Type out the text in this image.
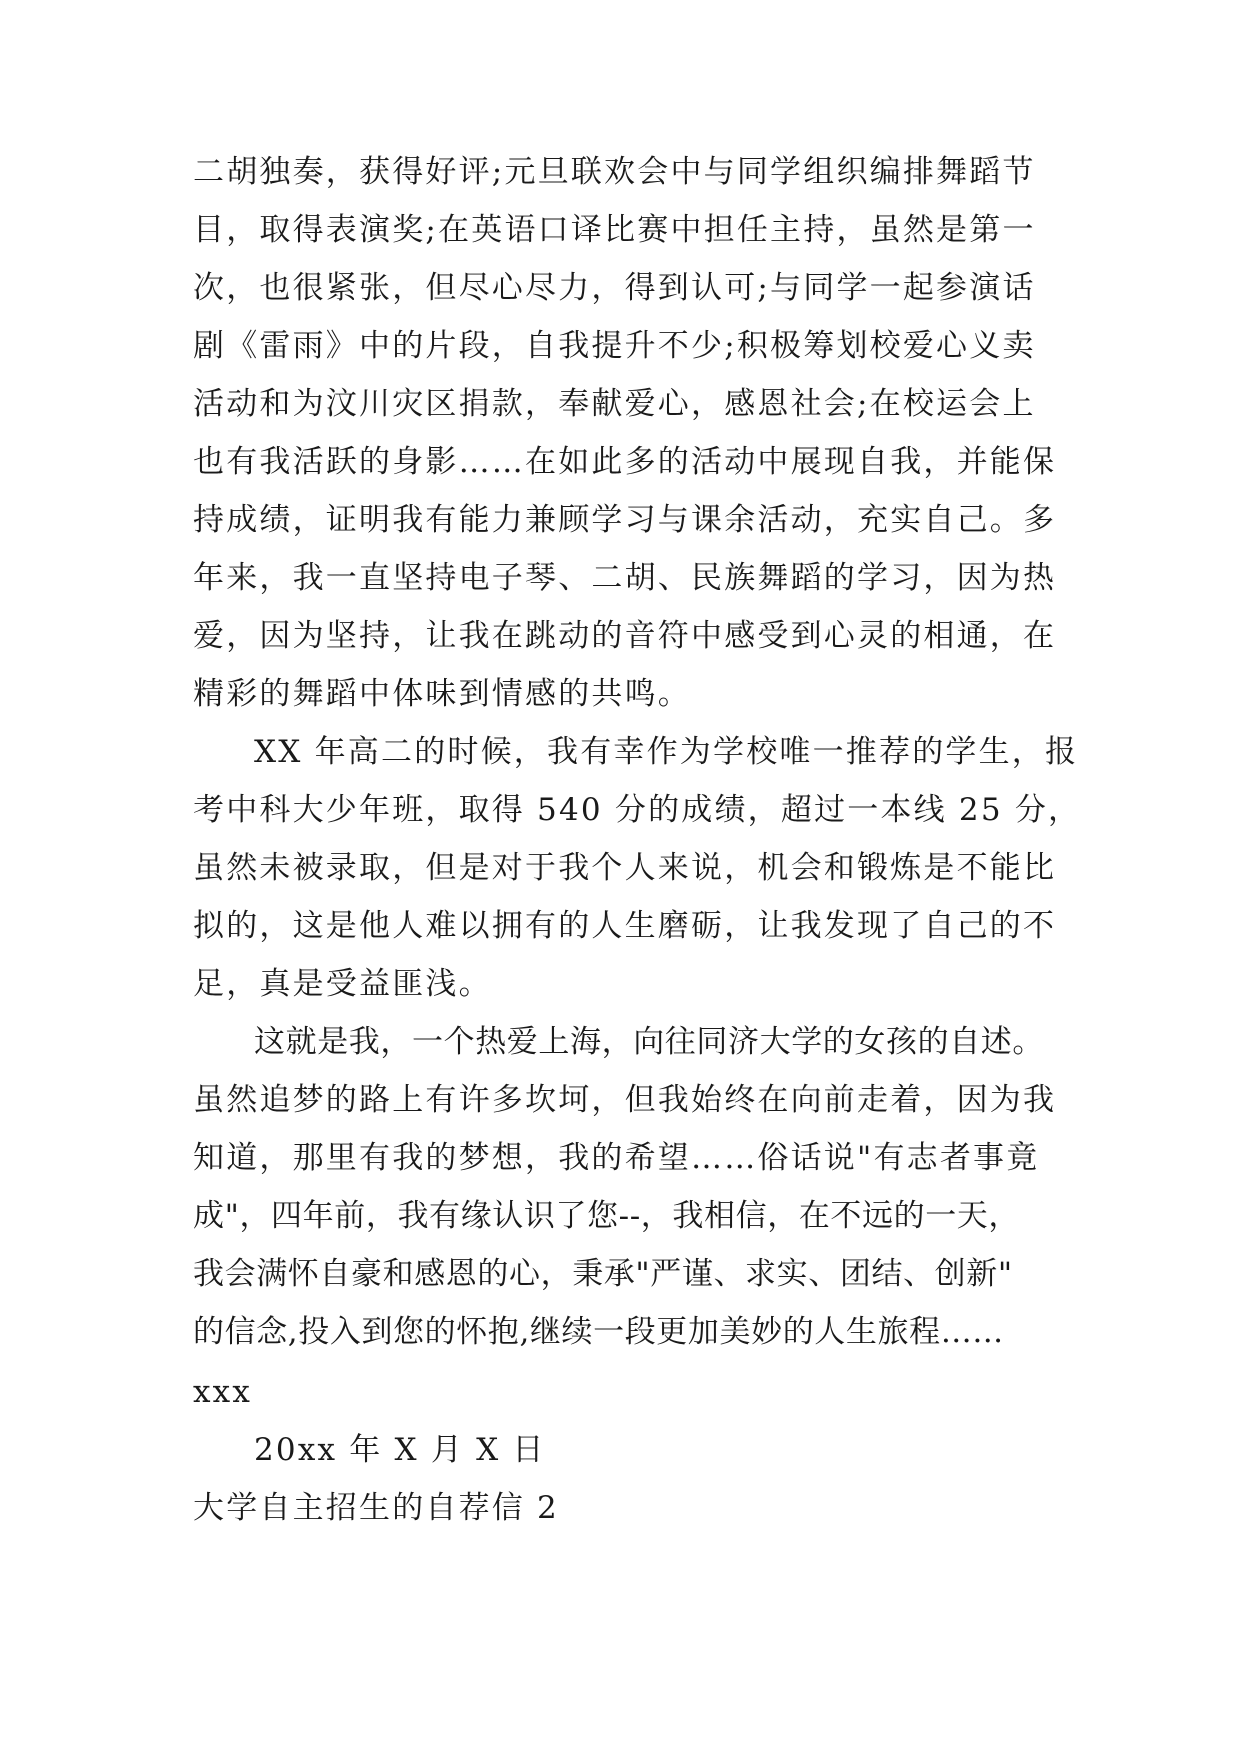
二胡独奏，获得好评;元旦联欢会中与同学组织编排舞蹈节
目，取得表演奖;在英语口译比赛中担任主持，虽然是第一
次，也很紧张，但尽心尽力，得到认可;与同学一起参演话
剧《雷雨》中的片段，自我提升不少;积极筹划校爱心义卖
活动和为汶川灾区捐款，奉献爱心，感恩社会;在校运会上
也有我活跃的身影……在如此多的活动中展现自我，并能保
持成绩，证明我有能力兼顾学习与课余活动，充实自己。多
年来，我一直坚持电子琴、二胡、民族舞蹈的学习，因为热
爱，因为坚持，让我在跳动的音符中感受到心灵的相通，在
精彩的舞蹈中体味到情感的共鸣。
XX 年高二的时候，我有幸作为学校唯一推荐的学生，报
考中科大少年班，取得 540 分的成绩，超过一本线 25 分，
虽然未被录取，但是对于我个人来说，机会和锻炼是不能比
拟的，这是他人难以拥有的人生磨砺，让我发现了自己的不
足，真是受益匪浅。
这就是我，一个热爱上海，向往同济大学的女孩的自述。
虽然追梦的路上有许多坎坷，但我始终在向前走着，因为我
知道，那里有我的梦想，我的希望……俗话说"有志者事竟
成"，四年前，我有缘认识了您--，我相信，在不远的一天，
我会满怀自豪和感恩的心，秉承"严谨、求实、团结、创新"
的信念,投入到您的怀抱,继续一段更加美妙的人生旅程……
xxx
20xx 年 X 月 X 日
大学自主招生的自荐信 2
